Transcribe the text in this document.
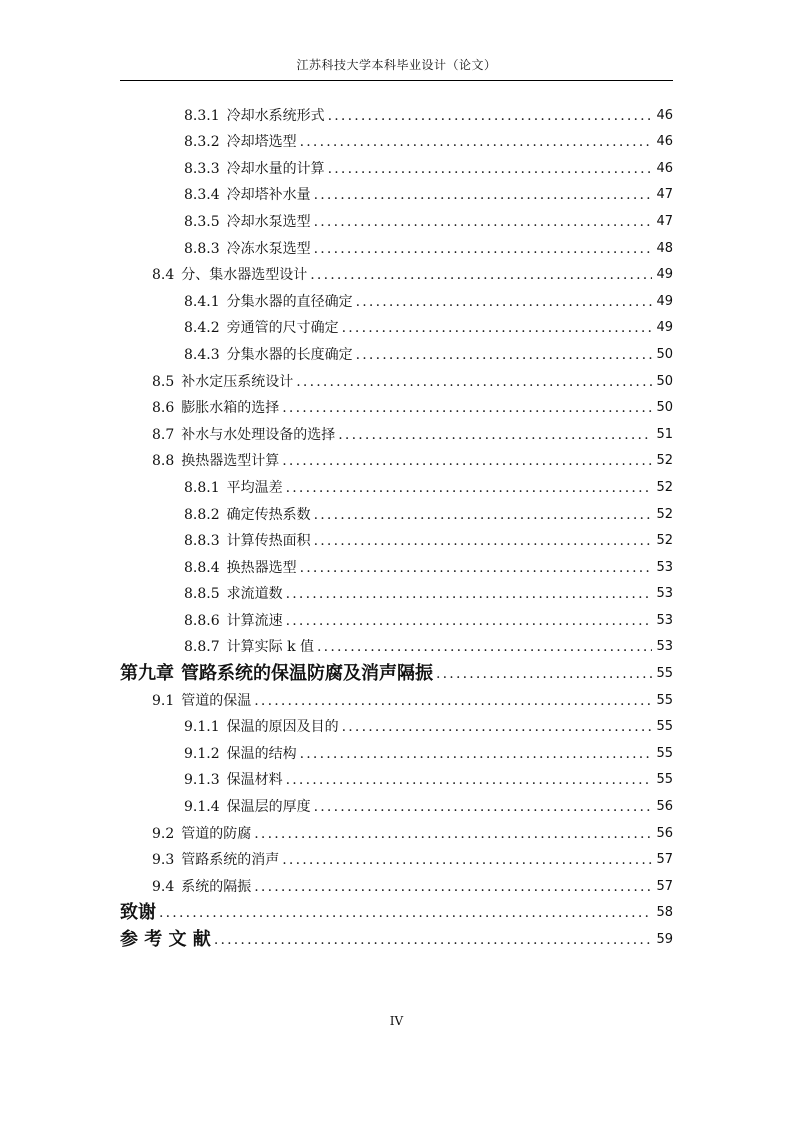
江苏科技大学本科毕业设计（论文）
8.3.1 冷却水系统形式 .....	46
8.3.2 冷却塔选型 .....	46
8.3.3 冷却水量的计算 .....	46
8.3.4 冷却塔补水量 .....	47
8.3.5 冷却水泵选型 .....	47
8.8.3 冷冻水泵选型 .....	48
8.4 分、集水器选型设计 .....	49
8.4.1 分集水器的直径确定 .....	49
8.4.2 旁通管的尺寸确定 .....	49
8.4.3 分集水器的长度确定 .....	50
8.5 补水定压系统设计 .....	50
8.6 膨胀水箱的选择 .....	50
8.7 补水与水处理设备的选择 .....	51
8.8 换热器选型计算 .....	52
8.8.1 平均温差 .....	52
8.8.2 确定传热系数 .....	52
8.8.3 计算传热面积 .....	52
8.8.4 换热器选型 .....	53
8.8.5 求流道数 .....	53
8.8.6 计算流速 .....	53
8.8.7 计算实际 k 值 .....	53
第九章 管路系统的保温防腐及消声隔振 .....	55
9.1 管道的保温 .....	55
9.1.1 保温的原因及目的 .....	55
9.1.2 保温的结构 .....	55
9.1.3 保温材料 .....	55
9.1.4 保温层的厚度 .....	56
9.2 管道的防腐 .....	56
9.3 管路系统的消声 .....	57
9.4 系统的隔振 .....	57
致谢 .....	58
参 考 文 献 .....	59
IV
